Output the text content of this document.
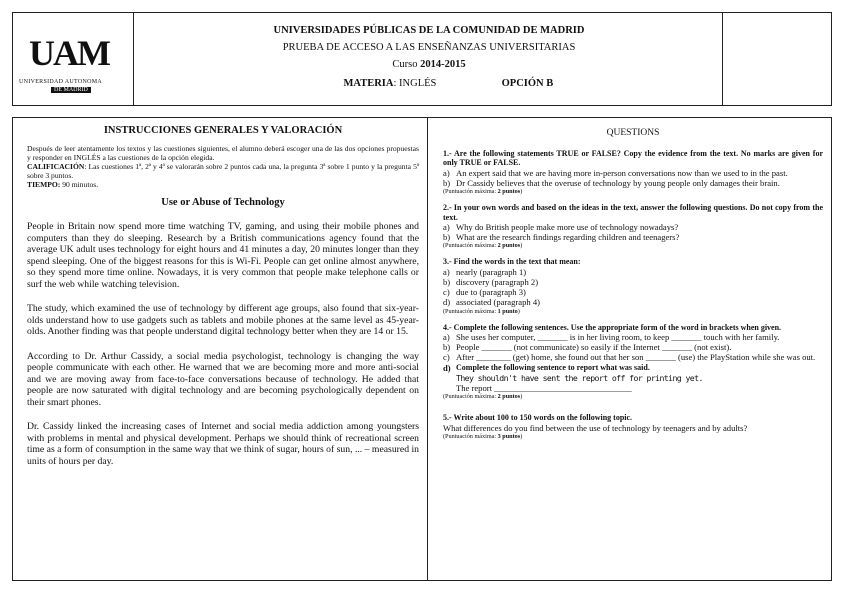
UAM
UNIVERSIDAD AUTONOMA
DE MADRID
UNIVERSIDADES PÚBLICAS DE LA COMUNIDAD DE MADRID
PRUEBA DE ACCESO A LAS ENSEÑANZAS UNIVERSITARIAS
Curso 2014-2015
MATERIA: INGLÉS	OPCIÓN B
INSTRUCCIONES GENERALES Y VALORACIÓN
Después de leer atentamente los textos y las cuestiones siguientes, el alumno deberá escoger una de las dos opciones propuestas y responder en INGLÉS a las cuestiones de la opción elegida.
CALIFICACIÓN: Las cuestiones 1ª, 2ª y 4ª se valorarán sobre 2 puntos cada una, la pregunta 3ª sobre 1 punto y la pregunta 5ª sobre 3 puntos.
TIEMPO: 90 minutos.
Use or Abuse of Technology

People in Britain now spend more time watching TV, gaming, and using their mobile phones and computers than they do sleeping. Research by a British communications agency found that the average UK adult uses technology for eight hours and 41 minutes a day, 20 minutes longer than they spend sleeping. One of the biggest reasons for this is Wi-Fi. People can get online almost anywhere, so they spend more time online. Nowadays, it is very common that people make telephone calls or surf the web while watching television.

The study, which examined the use of technology by different age groups, also found that six-year-olds understand how to use gadgets such as tablets and mobile phones at the same level as 45-year-olds. Another finding was that people understand digital technology better when they are 14 or 15.

According to Dr. Arthur Cassidy, a social media psychologist, technology is changing the way people communicate with each other. He warned that we are becoming more and more anti-social and we are moving away from face-to-face conversations because of technology. He added that people are now saturated with digital technology and are becoming psychologically dependent on their smart phones.

Dr. Cassidy linked the increasing cases of Internet and social media addiction among youngsters with problems in mental and physical development. Perhaps we should think of recreational screen time as a form of consumption in the same way that we think of sugar, hours of sun, ... – measured in units of hours per day.

QUESTIONS
1.- Are the following statements TRUE or FALSE? Copy the evidence from the text. No marks are given for only TRUE or FALSE.
a) An expert said that we are having more in-person conversations now than we used to in the past.
b) Dr Cassidy believes that the overuse of technology by young people only damages their brain.
(Puntuación máxima: 2 puntos)
2.- In your own words and based on the ideas in the text, answer the following questions. Do not copy from the text.
a) Why do British people make more use of technology nowadays?
b) What are the research findings regarding children and teenagers?
(Puntuación máxima: 2 puntos)
3.- Find the words in the text that mean:
a) nearly (paragraph 1)
b) discovery (paragraph 2)
c) due to (paragraph 3)
d) associated (paragraph 4)
(Puntuación máxima: 1 punto)
4.- Complete the following sentences. Use the appropriate form of the word in brackets when given.
a) She uses her computer, _______ is in her living room, to keep _______ touch with her family.
b) People _______ (not communicate) so easily if the Internet _______ (not exist).
c) After ________ (get) home, she found out that her son _______ (use) the PlayStation while she was out.
d) Complete the following sentence to report what was said.
They shouldn't have sent the report off for printing yet.
The report ________________________________
(Puntuación máxima: 2 puntos)
5.- Write about 100 to 150 words on the following topic.
What differences do you find between the use of technology by teenagers and by adults?
(Puntuación máxima: 3 puntos)
